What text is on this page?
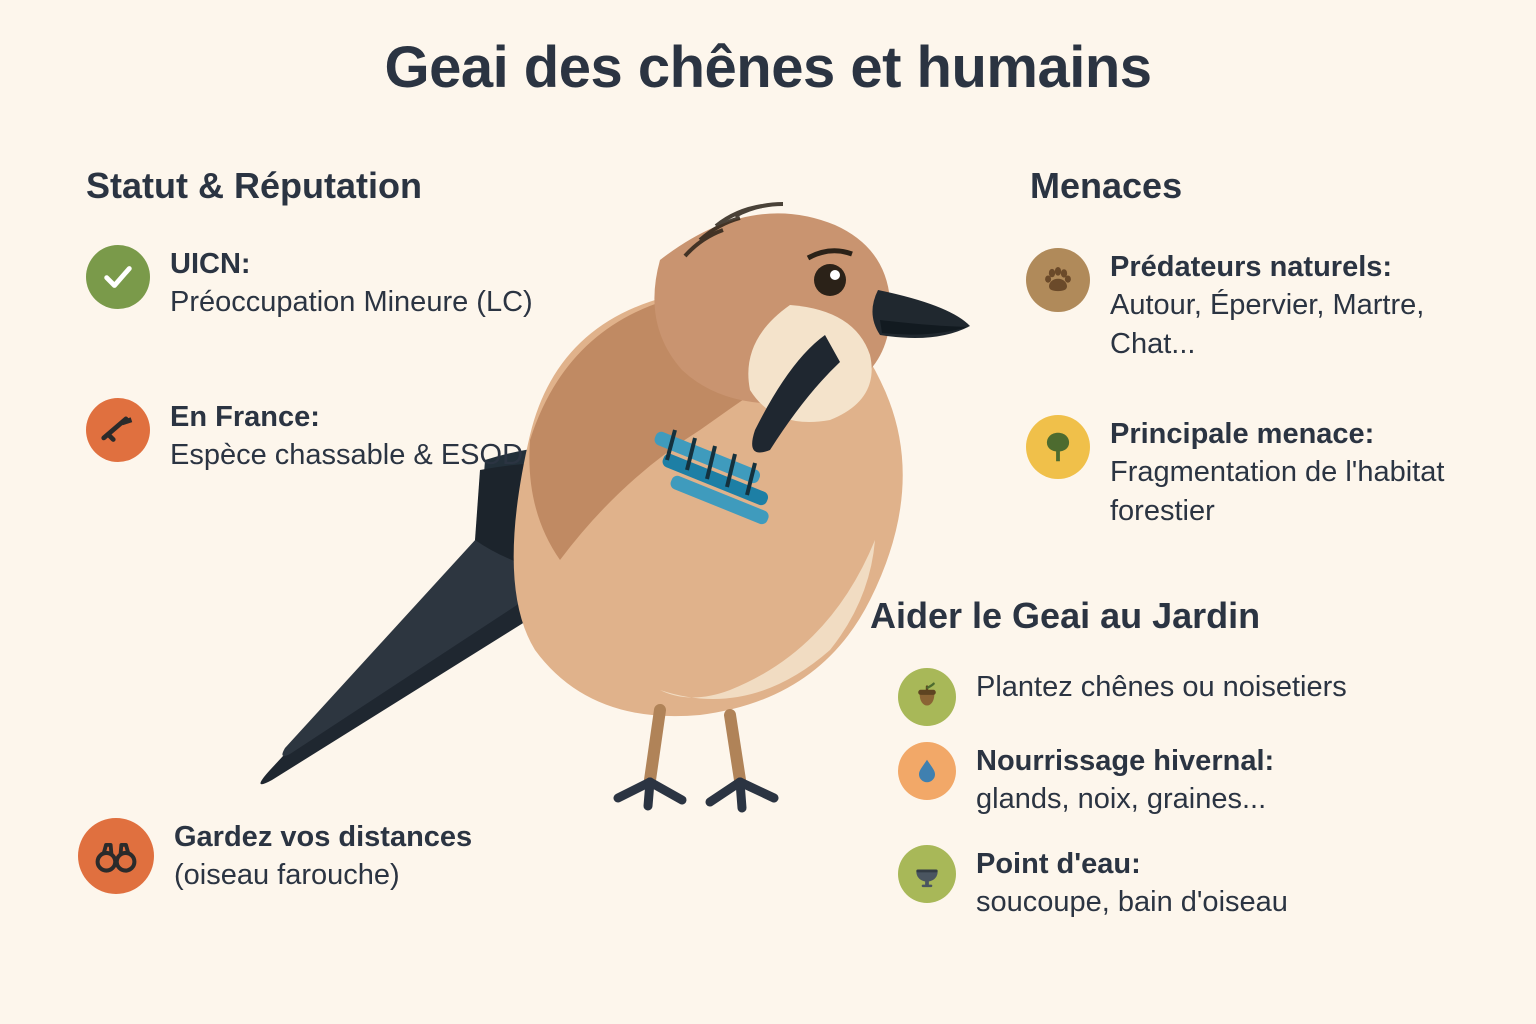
Geai des chênes et humains
Statut & Réputation
UICN:
Préoccupation Mineure (LC)
En France:
Espèce chassable & ESOD
Gardez vos distances
(oiseau farouche)
Menaces
Prédateurs naturels:
Autour, Épervier, Martre, Chat...
Principale menace:
Fragmentation de l'habitat forestier
Aider le Geai au Jardin
Plantez chênes ou noisetiers
Nourrissage hivernal:
glands, noix, graines...
Point d'eau:
soucoupe, bain d'oiseau
